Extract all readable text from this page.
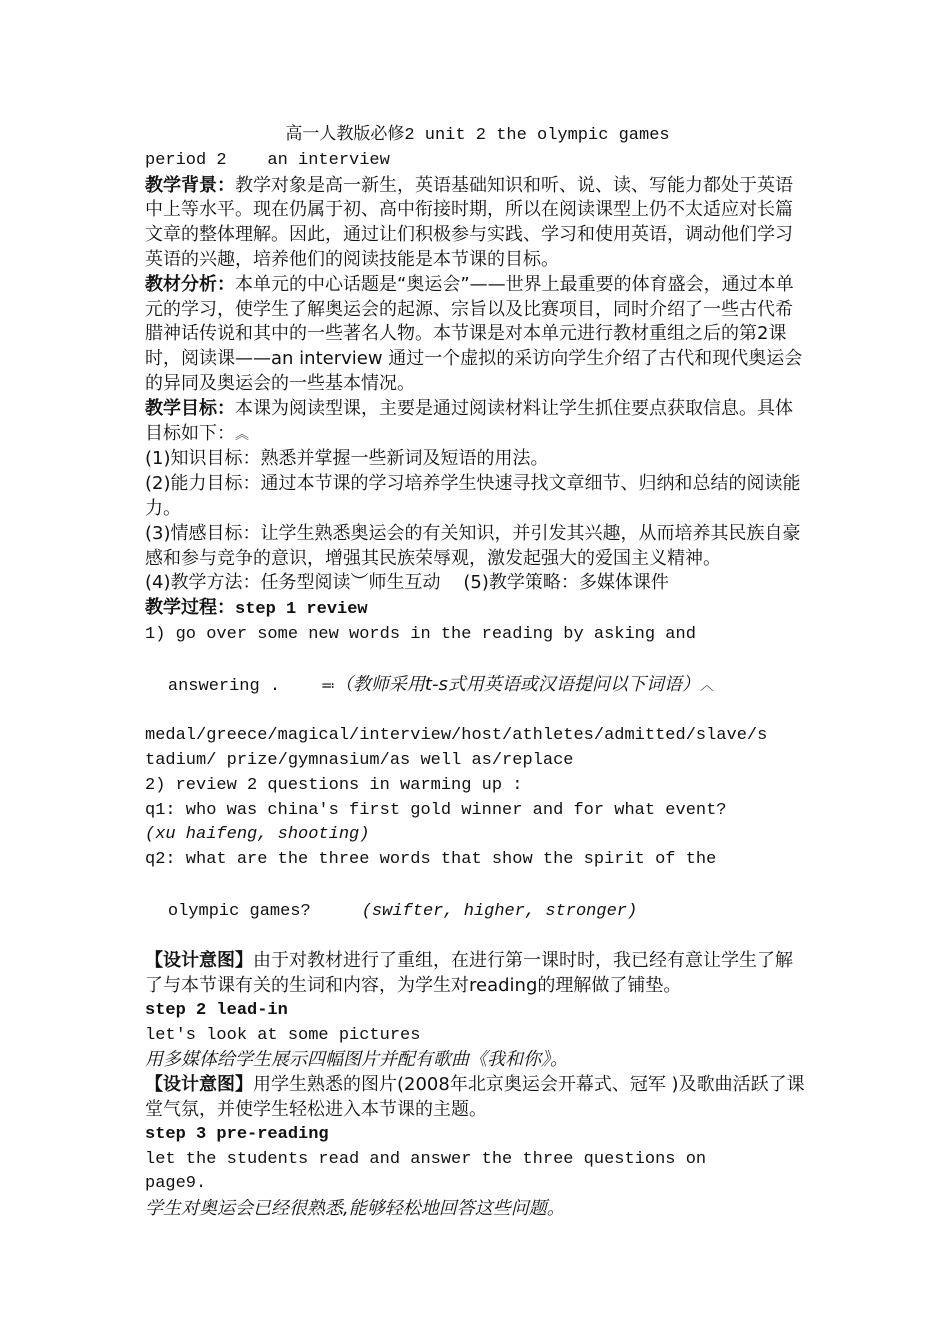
高一人教版必修2 unit 2 the olympic games
period 2    an interview
教学背景：教学对象是高一新生，英语基础知识和听、说、读、写能力都处于英语中上等水平。现在仍属于初、高中衔接时期，所以在阅读课型上仍不太适应对长篇文章的整体理解。因此，通过让们积极参与实践、学习和使用英语，调动他们学习英语的兴趣，培养他们的阅读技能是本节课的目标。
教材分析：本单元的中心话题是“奥运会”——世界上最重要的体育盛会，通过本单元的学习，使学生了解奥运会的起源、宗旨以及比赛项目，同时介绍了一些古代希腊神话传说和其中的一些著名人物。本节课是对本单元进行教材重组之后的第2课时，阅读课——an interview 通过一个虚拟的采访向学生介绍了古代和现代奥运会的异同及奥运会的一些基本情况。
教学目标：本课为阅读型课，主要是通过阅读材料让学生抓住要点获取信息。具体目标如下：︽
(1)知识目标：熟悉并掌握一些新词及短语的用法。
(2)能力目标：通过本节课的学习培养学生快速寻找文章细节、归纳和总结的阅读能力。
(3)情感目标：让学生熟悉奥运会的有关知识，并引发其兴趣，从而培养其民族自豪感和参与竞争的意识，增强其民族荣辱观，激发起强大的爱国主义精神。
(4)教学方法：任务型阅读︶师生互动    (5)教学策略：多媒体课件
教学过程：step 1 review
1) go over some new words in the reading by asking and

answering .    ≕（教师采用t-s式用英语或汉语提问以下词语）︿

medal/greece/magical/interview/host/athletes/admitted/slave/s
tadium/ prize/gymnasium/as well as/replace
2) review 2 questions in warming up :
q1: who was china′s first gold winner and for what event?
(xu haifeng, shooting)
q2: what are the three words that show the spirit of the

olympic games?     (swifter, higher, stronger)

【设计意图】由于对教材进行了重组，在进行第一课时时，我已经有意让学生了解了与本节课有关的生词和内容，为学生对reading的理解做了铺垫。
step 2 lead-in
let′s look at some pictures
用多媒体给学生展示四幅图片并配有歌曲《我和你》。
【设计意图】用学生熟悉的图片(2008年北京奥运会开幕式、冠军 )及歌曲活跃了课堂气氛，并使学生轻松进入本节课的主题。
step 3 pre-reading
let the students read and answer the three questions on
page9.
学生对奥运会已经很熟悉,能够轻松地回答这些问题。
